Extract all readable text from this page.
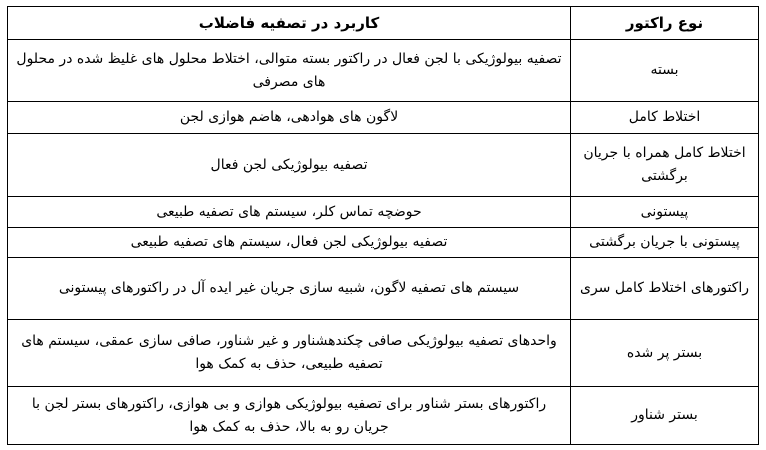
نوع راکتور	کاربرد در تصفیه فاضلاب
بسته	تصفیه بیولوژیکی با لجن فعال در راکتور بسته متوالی، اختلاط محلول های غلیظ شده در محلول های مصرفی
اختلاط کامل	لاگون های هوادهی، هاضم هوازی لجن
اختلاط کامل همراه با جریان برگشتی	تصفیه بیولوژیکی لجن فعال
پیستونی	حوضچه تماس کلر، سیستم های تصفیه طبیعی
پیستونی با جریان برگشتی	تصفیه بیولوژیکی لجن فعال، سیستم های تصفیه طبیعی
راکتورهای اختلاط کامل سری	سیستم های تصفیه لاگون، شبیه سازی جریان غیر ایده آل در راکتورهای پیستونی
بستر پر شده	واحدهای تصفیه بیولوژیکی صافی چکندهشناور و غیر شناور، صافی سازی عمقی، سیستم های تصفیه طبیعی، حذف به کمک هوا
بستر شناور	راکتورهای بستر شناور برای تصفیه بیولوژیکی هوازی و بی هوازی، راکتورهای بستر لجن با جریان رو به بالا، حذف به کمک هوا
